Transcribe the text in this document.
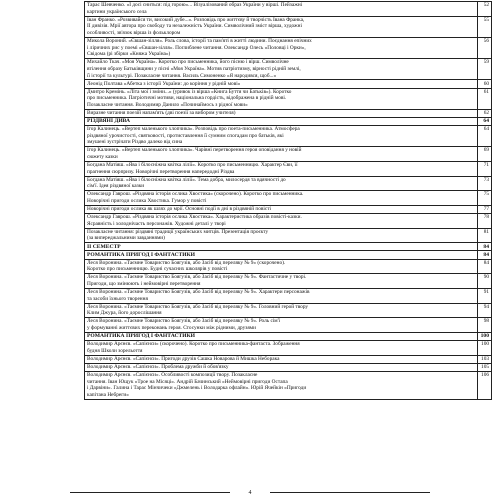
Тарас Шевченко. «І досі сниться: під горою»... Візуалізований образ України у вірші. Пейзажні
картини українського села	52

Іван Франко. «Розвивайся ти, високий дубе...». Розповідь про життєву й творчість Івана Франка,
ІІ дивізія. Мрії автора про свободу та незалежність України. Символічний зміст вірша, художні
особливості, зв'язок вірша із фольклором	55

Микола Вороний. «Євшан-зілля». Роль слова, історії та пам'яті в житті людини. Поєднання епічних
і ліричних рис у поемі «Євшан-зілля». Поглиблене читання. Олександр Олесь «Половці і Орки»,
Свідома (рі збірки «Княжа Україна»)	56

Михайло Ткач. «Моя Україна». Коротко про письменника, його пісню і вірш. Символічне
втілення образу Батьківщини у пісні «Моя Україна». Мотив патріотизму, вірності рідній землі,
її історії та культурі. Позакласне читання. Василь Симоненко «Я народився, щоб...»	59

Леонід Полтава «Абетка з історії України: до коріння у рідній мові»	60

Дмитро Кремінь. «Літа мої і зміни...» (уривок із вірша «Книга Буття чи Батьків»). Коротко
про письменника. Патріотичні мотиви, національна гордість, відображена в рідній мові.
Позакласне читання. Володимир Данило «Починаймось з рідної мови»	61

Виразне читання поезій напам'ять (дві поезії за вибором учителя)	62

РІЗДВЯНІ ДИВА	64

Ігор Калинець. «Вертеп маленького хлопчика». Розповідь про поета-письменника. Атмосфера
різдвяної урочистості, святковості, протиставлення її сумним спогадам про батьків, які
змушені зустрічати Різдво далеко від сина	64

Ігор Калинець. «Вертеп маленького хлопчика». Чарівні перетворення героя оповідання у новій
сюжету казки	69

Богдана Матіяш. «Ява і білосніжна квітка лілії». Коротко про письменницю. Характер Єви, її
прагнення сюрпризу. Новорічні перетворення напередодні Різдва	71

Богдана Матіяш. «Ява і білосніжна квітка лілії». Тема добра, милосердя та вдячності до
сім'ї. Ідея різдвяної казки	73

Олександр Гаврош. «Різдвяна історія ослика Хвостика» (скорочено). Коротко про письменника.
Новорічні пригоди ослика Хвостика. Гумор у повісті	75

Новорічні пригоди ослика як шлях до мрії. Основні події в дні в різдвяній повісті	77

Олександр Гаврош. «Різдвяна історія ослика Хвостика». Характеристика образів повісті-казки.
Ясравність і холоднічасть персонажів. Художні деталі у творі	78

Позакласне читання: різдвяні традиції українських митців. Презентація проєкту
(за випереджальними завданнями)	81

ІІ СЕМЕСТР	84

РОМАНТИКА ПРИГОД І ФАНТАСТИКИ	84

Леся Воронина. «Таємне Товариство Боягузів, або Засіб від переляку № 9» (скорочено).
Коротко про письменницю. Будні сучасних школярів у повісті	84

Леся Воронина. «Таємне Товариство Боягузів, або Засіб від переляку № 9». Фантастичне у творі.
Пригоди, що змінюють і неймовірні перетворення	90

Леся Воронина. «Таємне Товариство Боягузів, або Засіб від переляку № 9». Характери персонажів
та засоби їхнього творення	91

Леся Воронина. «Таємне Товариство Боягузів, або Засіб від переляку № 9». Головний герой твору
Клим Джура, його дорослішання	94

Леся Воронина. «Таємне Товариство Боягузів, або Засіб від переляку № 9». Роль сім'ї
у формуванні життєвих переконань героя. Стосунки між рідними, друзями	98

РОМАНТИКА ПРИГОД І ФАНТАСТИКИ	100

Володимир Арєнєв. «Сапієнси» (скорочено). Коротко про письменника-фантаста. Зображення
будня Школи зорельоття	100

Володимир Арєнєв. «Сапієнси». Пригоди друзів Сашка Новарова й Мишка Неборака	103

Володимир Арєнєв. «Сапієнси». Проблема дружби й обов'язку	105

Володимир Арєнєв. «Сапієнси». Особливості композиції твору. Позакласне
читання. Іван Ющук «Трое на Місяці». Андрій Бачинський «Неймовірні пригоди Остапа
і Дарвіни». Галина і Тарас Мінчичеки «Джмелень і Володарка офлайн». Юрій Ячейкін «Пригоди
капітана Небреги»	106
4
